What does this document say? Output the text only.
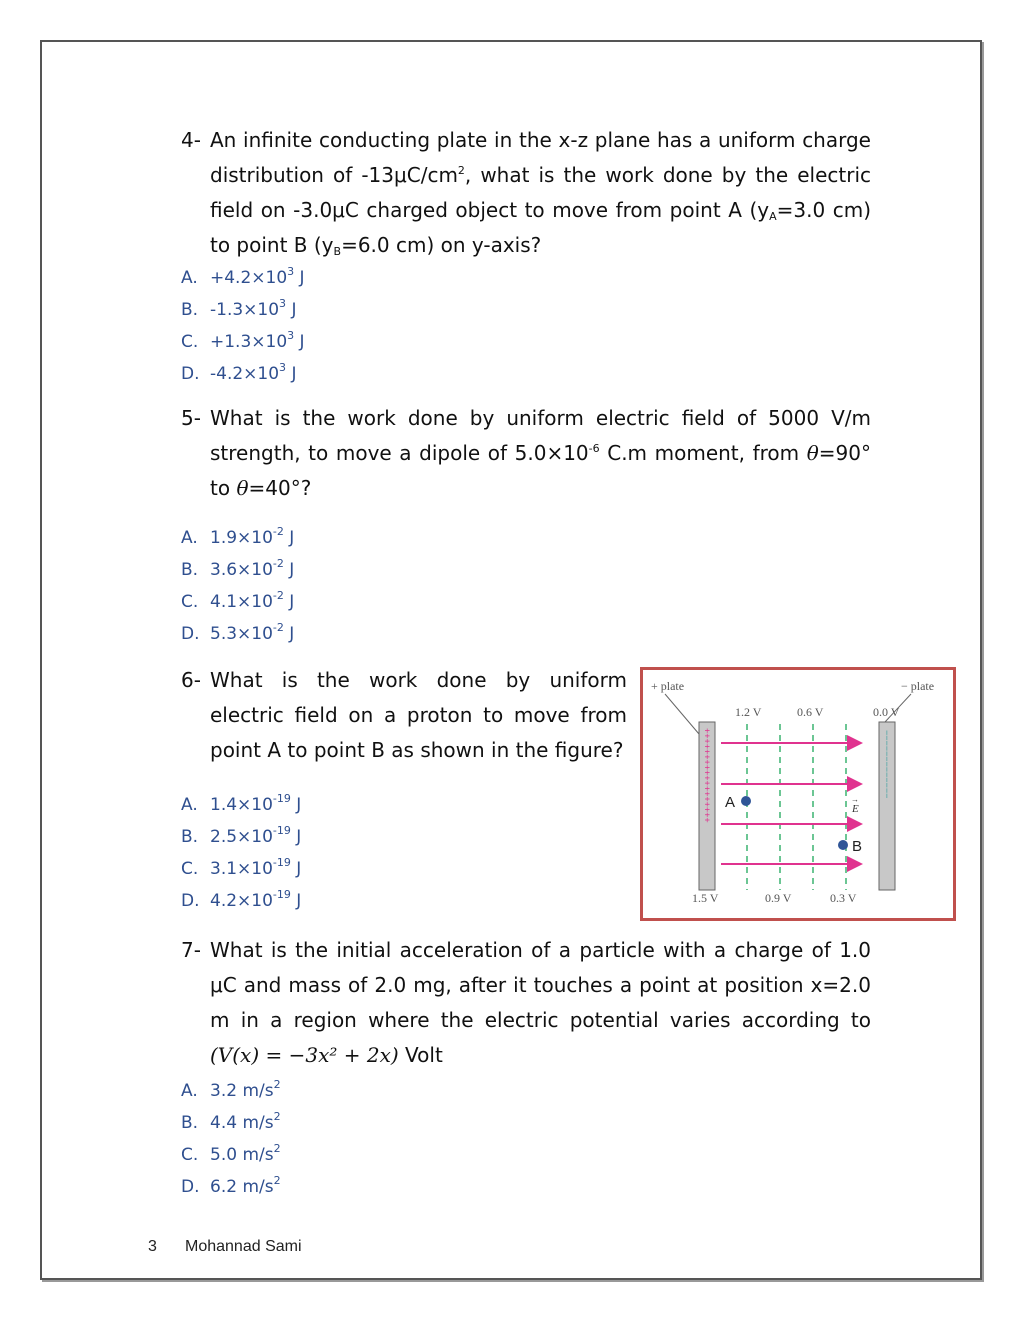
4- An infinite conducting plate in the x-z plane has a uniform charge distribution of $-13\mu C/cm^2$, what is the work done by the electric field on -3.0μC charged object to move from point A ($y_A=3.0$ cm) to point B ($y_B=6.0$ cm) on y-axis?
A. $+4.2\times 10^3$ J
B. $-1.3\times 10^3$ J
C. $+1.3\times 10^3$ J
D. $-4.2\times 10^3$ J
5- What is the work done by uniform electric field of 5000 V/m strength, to move a dipole of $5.0\times 10^{-6}$ C.m moment, from θ=90° to θ=40°?
A. $1.9\times 10^{-2}$ J
B. $3.6\times 10^{-2}$ J
C. $4.1\times 10^{-2}$ J
D. $5.3\times 10^{-2}$ J
6- What is the work done by uniform electric field on a proton to move from point A to point B as shown in the figure?
A. $1.4\times 10^{-19}$ J
B. $2.5\times 10^{-19}$ J
C. $3.1\times 10^{-19}$ J
D. $4.2\times 10^{-19}$ J
+ plate	− plate
++++++++++++++++++	−−−−−−−−−−−−−
1.2 V	0.6 V	0.0 V
1.5 V	0.9 V	0.3 V
A
B
E
→
7- What is the initial acceleration of a particle with a charge of 1.0 μC and mass of 2.0 mg, after it touches a point at position x=2.0 m in a region where the electric potential varies according to (V(x) = −3x² + 2x) Volt
A. 3.2 $m/s^2$
B. 4.4 $m/s^2$
C. 5.0 $m/s^2$
D. 6.2 $m/s^2$
3 Mohannad Sami
